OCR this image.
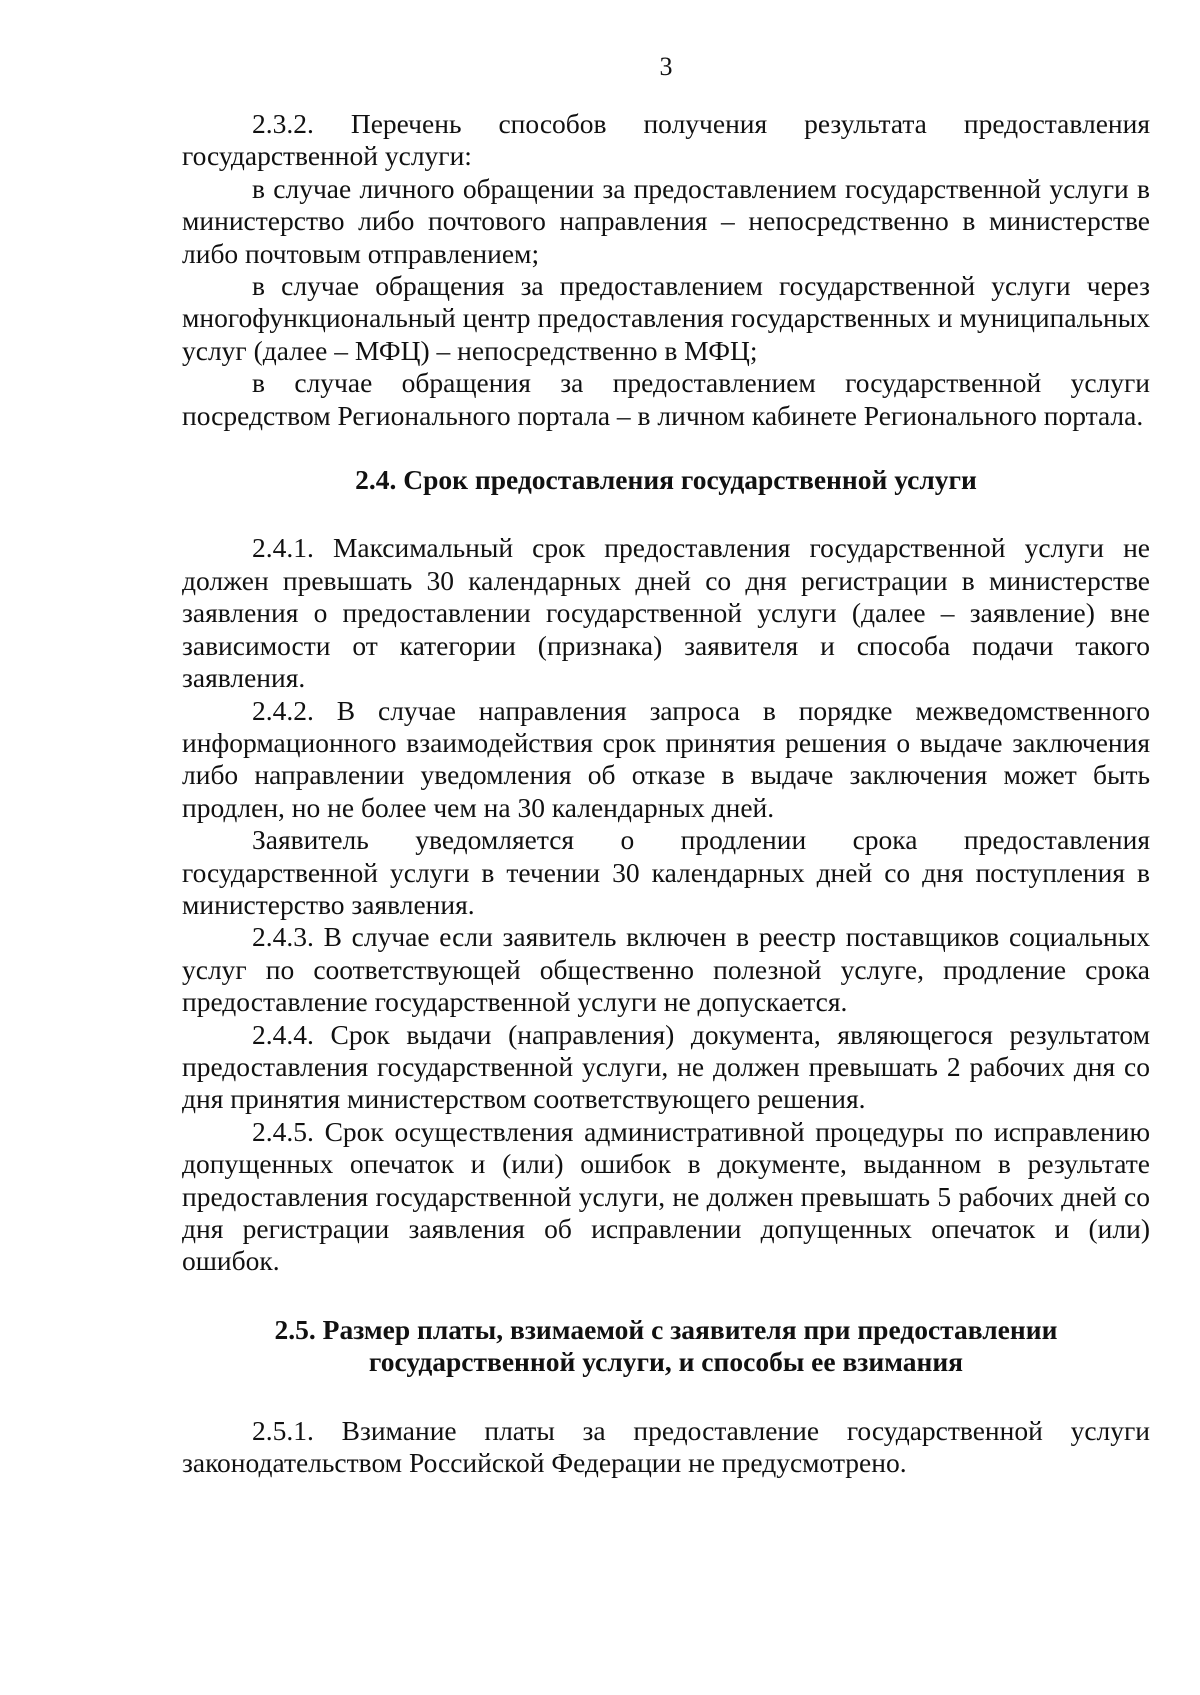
3

2.3.2. Перечень способов получения результата предоставления государственной услуги:

в случае личного обращении за предоставлением государственной услуги в министерство либо почтового направления – непосредственно в министерстве либо почтовым отправлением;

в случае обращения за предоставлением государственной услуги через многофункциональный центр предоставления государственных и муниципальных услуг (далее – МФЦ) – непосредственно в МФЦ;

в случае обращения за предоставлением государственной услуги посредством Регионального портала – в личном кабинете Регионального портала.

2.4. Срок предоставления государственной услуги

2.4.1. Максимальный срок предоставления государственной услуги не должен превышать 30 календарных дней со дня регистрации в министерстве заявления о предоставлении государственной услуги (далее – заявление) вне зависимости от категории (признака) заявителя и способа подачи такого заявления.

2.4.2. В случае направления запроса в порядке межведомственного информационного взаимодействия срок принятия решения о выдаче заключения либо направлении уведомления об отказе в выдаче заключения может быть продлен, но не более чем на 30 календарных дней.

Заявитель уведомляется о продлении срока предоставления государственной услуги в течении 30 календарных дней со дня поступления в министерство заявления.

2.4.3. В случае если заявитель включен в реестр поставщиков социальных услуг по соответствующей общественно полезной услуге, продление срока предоставление государственной услуги не допускается.

2.4.4. Срок выдачи (направления) документа, являющегося результатом предоставления государственной услуги, не должен превышать 2 рабочих дня со дня принятия министерством соответствующего решения.

2.4.5. Срок осуществления административной процедуры по исправлению допущенных опечаток и (или) ошибок в документе, выданном в результате предоставления государственной услуги, не должен превышать 5 рабочих дней со дня регистрации заявления об исправлении допущенных опечаток и (или) ошибок.

2.5. Размер платы, взимаемой с заявителя при предоставлении
государственной услуги, и способы ее взимания

2.5.1. Взимание платы за предоставление государственной услуги законодательством Российской Федерации не предусмотрено.
